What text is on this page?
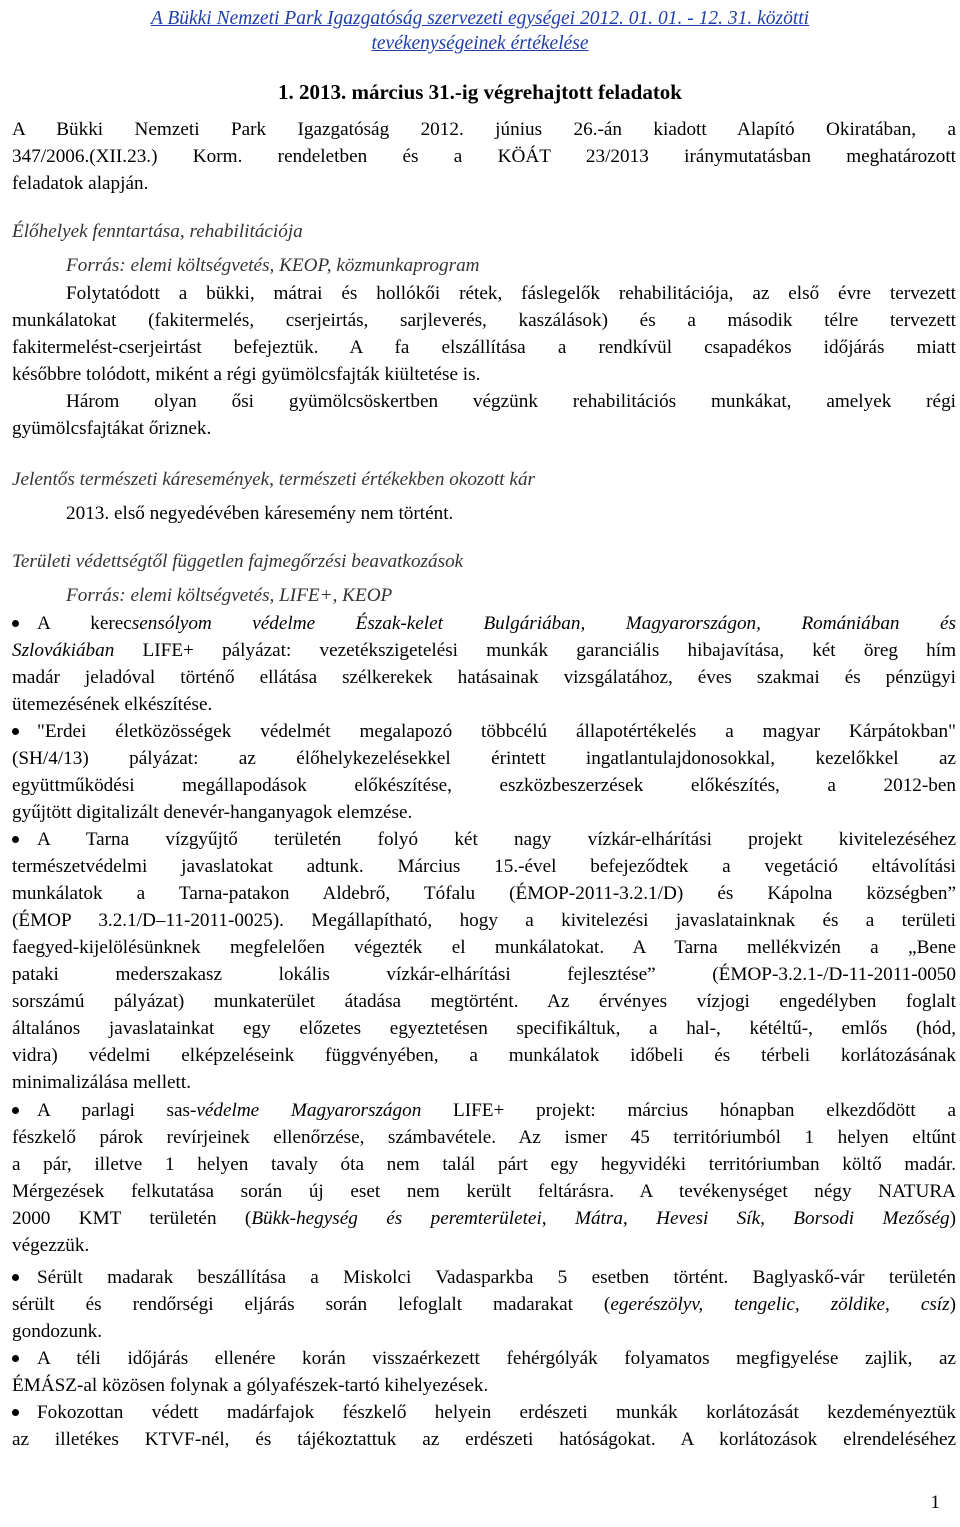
A Bükki Nemzeti Park Igazgatóság szervezeti egységei 2012. 01. 01. - 12. 31. közötti
tevékenységeinek értékelése
1. 2013. március 31.-ig végrehajtott feladatok
A Bükki Nemzeti Park Igazgatóság 2012. június 26.-án kiadott Alapító Okiratában, a
347/2006.(XII.23.) Korm. rendeletben és a KÖÁT 23/2013 iránymutatásban meghatározott
feladatok alapján.
Élőhelyek fenntartása, rehabilitációja
Forrás: elemi költségvetés, KEOP, közmunkaprogram
Folytatódott a bükki, mátrai és hollókői rétek, fáslegelők rehabilitációja, az első évre tervezett
munkálatokat (fakitermelés, cserjeirtás, sarjleverés, kaszálások) és a második télre tervezett
fakitermelést-cserjeirtást befejeztük. A fa elszállítása a rendkívül csapadékos időjárás miatt
későbbre tolódott, miként a régi gyümölcsfajták kiültetése is.
Három olyan ősi gyümölcsöskertben végzünk rehabilitációs munkákat, amelyek régi
gyümölcsfajtákat őriznek.
Jelentős természeti káresemények, természeti értékekben okozott kár
2013. első negyedévében káresemény nem történt.
Területi védettségtől független fajmegőrzési beavatkozások
Forrás: elemi költségvetés, LIFE+, KEOP
A kerecsensólyom védelme Észak-kelet Bulgáriában, Magyarországon, Romániában és
Szlovákiában LIFE+ pályázat: vezetékszigetelési munkák garanciális hibajavítása, két öreg hím
madár jeladóval történő ellátása szélkerekek hatásainak vizsgálatához, éves szakmai és pénzügyi
ütemezésének elkészítése.
"Erdei életközösségek védelmét megalapozó többcélú állapotértékelés a magyar Kárpátokban"
(SH/4/13) pályázat: az élőhelykezelésekkel érintett ingatlantulajdonosokkal, kezelőkkel az
együttműködési megállapodások előkészítése, eszközbeszerzések előkészítés, a 2012-ben
gyűjtött digitalizált denevér-hanganyagok elemzése.
A Tarna vízgyűjtő területén folyó két nagy vízkár-elhárítási projekt kivitelezéséhez
természetvédelmi javaslatokat adtunk. Március 15.-ével befejeződtek a vegetáció eltávolítási
munkálatok a Tarna-patakon Aldebrő, Tófalu (ÉMOP-2011-3.2.1/D) és Kápolna községben”
(ÉMOP 3.2.1/D–11-2011-0025). Megállapítható, hogy a kivitelezési javaslatainknak és a területi
faegyed-kijelölésünknek megfelelően végezték el munkálatokat. A Tarna mellékvizén a „Bene
pataki mederszakasz lokális vízkár-elhárítási fejlesztése” (ÉMOP-3.2.1-/D-11-2011-0050
sorszámú pályázat) munkaterület átadása megtörtént. Az érvényes vízjogi engedélyben foglalt
általános javaslatainkat egy előzetes egyeztetésen specifikáltuk, a hal-, kétéltű-, emlős (hód,
vidra) védelmi elképzeléseink függvényében, a munkálatok időbeli és térbeli korlátozásának
minimalizálása mellett.
A parlagi sas-védelme Magyarországon LIFE+ projekt: március hónapban elkezdődött a
fészkelő párok revírjeinek ellenőrzése, számbavétele. Az ismer 45 territóriumból 1 helyen eltűnt
a pár, illetve 1 helyen tavaly óta nem talál párt egy hegyvidéki territóriumban költő madár.
Mérgezések felkutatása során új eset nem került feltárásra. A tevékenységet négy NATURA
2000 KMT területén (Bükk-hegység és peremterületei, Mátra, Hevesi Sík, Borsodi Mezőség)
végezzük.
Sérült madarak beszállítása a Miskolci Vadasparkba 5 esetben történt. Baglyaskő-vár területén
sérült és rendőrségi eljárás során lefoglalt madarakat (egerészölyv, tengelic, zöldike, csíz)
gondozunk.
A téli időjárás ellenére korán visszaérkezett fehérgólyák folyamatos megfigyelése zajlik, az
ÉMÁSZ-al közösen folynak a gólyafészek-tartó kihelyezések.
Fokozottan védett madárfajok fészkelő helyein erdészeti munkák korlátozását kezdeményeztük
az illetékes KTVF-nél, és tájékoztattuk az erdészeti hatóságokat. A korlátozások elrendeléséhez
1
